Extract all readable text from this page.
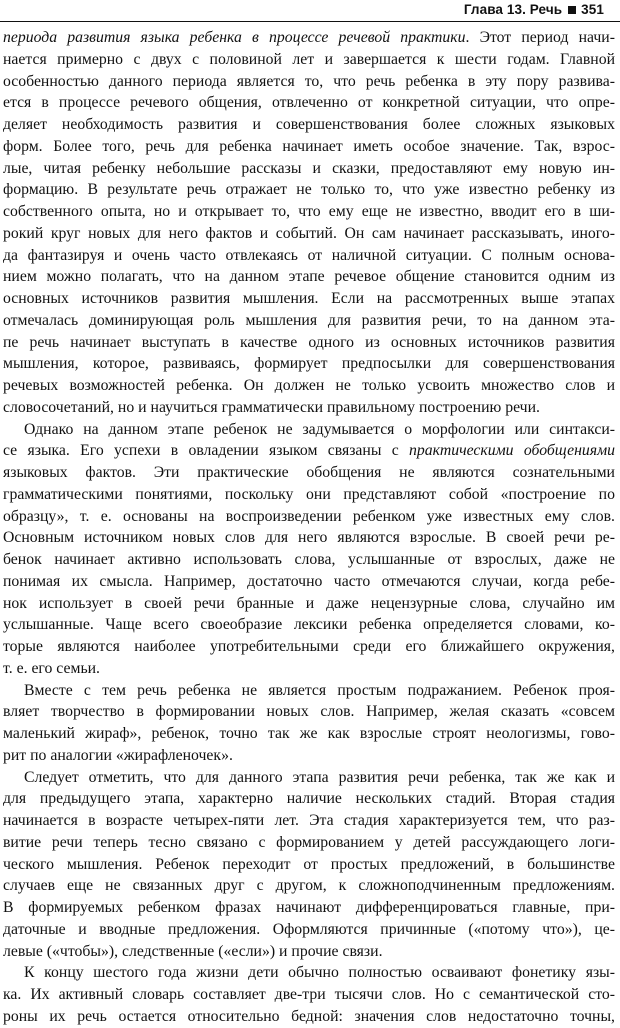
Глава 13. Речь 351
периода развития языка ребенка в процессе речевой практики. Этот период начи-
нается примерно с двух с половиной лет и завершается к шести годам. Главной
особенностью данного периода является то, что речь ребенка в эту пору развива-
ется в процессе речевого общения, отвлеченно от конкретной ситуации, что опре-
деляет необходимость развития и совершенствования более сложных языковых
форм. Более того, речь для ребенка начинает иметь особое значение. Так, взрос-
лые, читая ребенку небольшие рассказы и сказки, предоставляют ему новую ин-
формацию. В результате речь отражает не только то, что уже известно ребенку из
собственного опыта, но и открывает то, что ему еще не известно, вводит его в ши-
рокий круг новых для него фактов и событий. Он сам начинает рассказывать, иного-
да фантазируя и очень часто отвлекаясь от наличной ситуации. С полным основа-
нием можно полагать, что на данном этапе речевое общение становится одним из
основных источников развития мышления. Если на рассмотренных выше этапах
отмечалась доминирующая роль мышления для развития речи, то на данном эта-
пе речь начинает выступать в качестве одного из основных источников развития
мышления, которое, развиваясь, формирует предпосылки для совершенствования
речевых возможностей ребенка. Он должен не только усвоить множество слов и
словосочетаний, но и научиться грамматически правильному построению речи.
Однако на данном этапе ребенок не задумывается о морфологии или синтакси-
се языка. Его успехи в овладении языком связаны с практическими обобщениями
языковых фактов. Эти практические обобщения не являются сознательными
грамматическими понятиями, поскольку они представляют собой «построение по
образцу», т. е. основаны на воспроизведении ребенком уже известных ему слов.
Основным источником новых слов для него являются взрослые. В своей речи ре-
бенок начинает активно использовать слова, услышанные от взрослых, даже не
понимая их смысла. Например, достаточно часто отмечаются случаи, когда ребе-
нок использует в своей речи бранные и даже нецензурные слова, случайно им
услышанные. Чаще всего своеобразие лексики ребенка определяется словами, ко-
торые являются наиболее употребительными среди его ближайшего окружения,
т. е. его семьи.
Вместе с тем речь ребенка не является простым подражанием. Ребенок проя-
вляет творчество в формировании новых слов. Например, желая сказать «совсем
маленький жираф», ребенок, точно так же как взрослые строят неологизмы, гово-
рит по аналогии «жирафленочек».
Следует отметить, что для данного этапа развития речи ребенка, так же как и
для предыдущего этапа, характерно наличие нескольких стадий. Вторая стадия
начинается в возрасте четырех-пяти лет. Эта стадия характеризуется тем, что раз-
витие речи теперь тесно связано с формированием у детей рассуждающего логи-
ческого мышления. Ребенок переходит от простых предложений, в большинстве
случаев еще не связанных друг с другом, к сложноподчиненным предложениям.
В формируемых ребенком фразах начинают дифференцироваться главные, при-
даточные и вводные предложения. Оформляются причинные («потому что»), це-
левые («чтобы»), следственные («если») и прочие связи.
К концу шестого года жизни дети обычно полностью осваивают фонетику язы-
ка. Их активный словарь составляет две-три тысячи слов. Но с семантической сто-
роны их речь остается относительно бедной: значения слов недостаточно точны,
